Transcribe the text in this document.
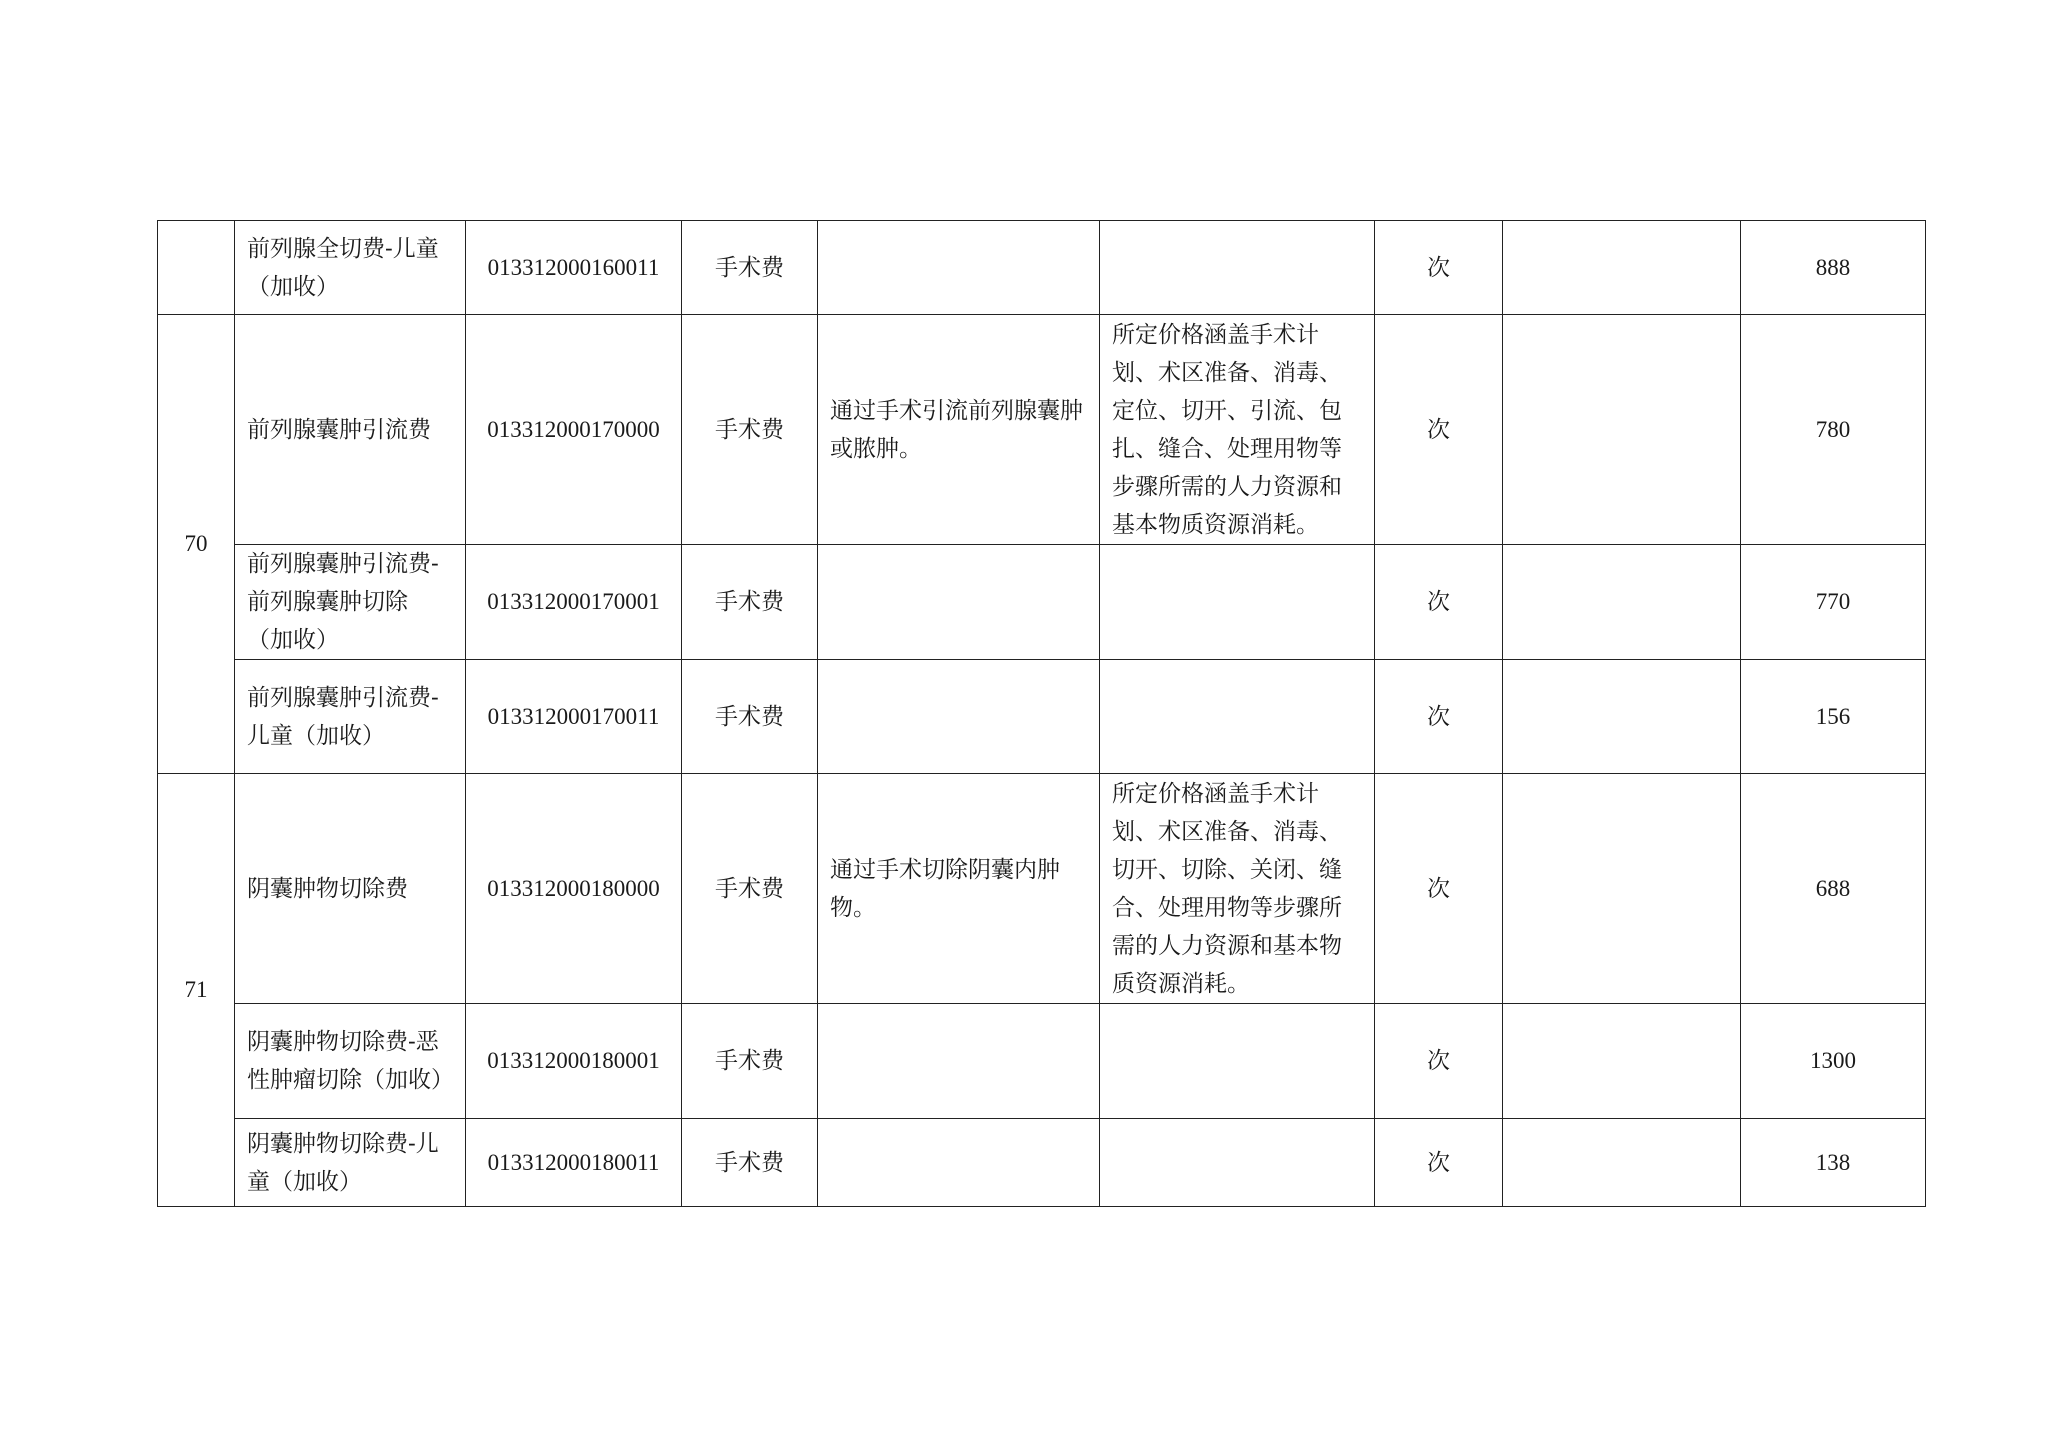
	前列腺全切费-儿童（加收）	013312000160011	手术费			次		888
70	前列腺囊肿引流费	013312000170000	手术费	通过手术引流前列腺囊肿或脓肿。	所定价格涵盖手术计划、术区准备、消毒、定位、切开、引流、包扎、缝合、处理用物等步骤所需的人力资源和基本物质资源消耗。	次		780
	前列腺囊肿引流费-前列腺囊肿切除（加收）	013312000170001	手术费			次		770
	前列腺囊肿引流费-儿童（加收）	013312000170011	手术费			次		156
71	阴囊肿物切除费	013312000180000	手术费	通过手术切除阴囊内肿物。	所定价格涵盖手术计划、术区准备、消毒、切开、切除、关闭、缝合、处理用物等步骤所需的人力资源和基本物质资源消耗。	次		688
	阴囊肿物切除费-恶性肿瘤切除（加收）	013312000180001	手术费			次		1300
	阴囊肿物切除费-儿童（加收）	013312000180011	手术费			次		138
